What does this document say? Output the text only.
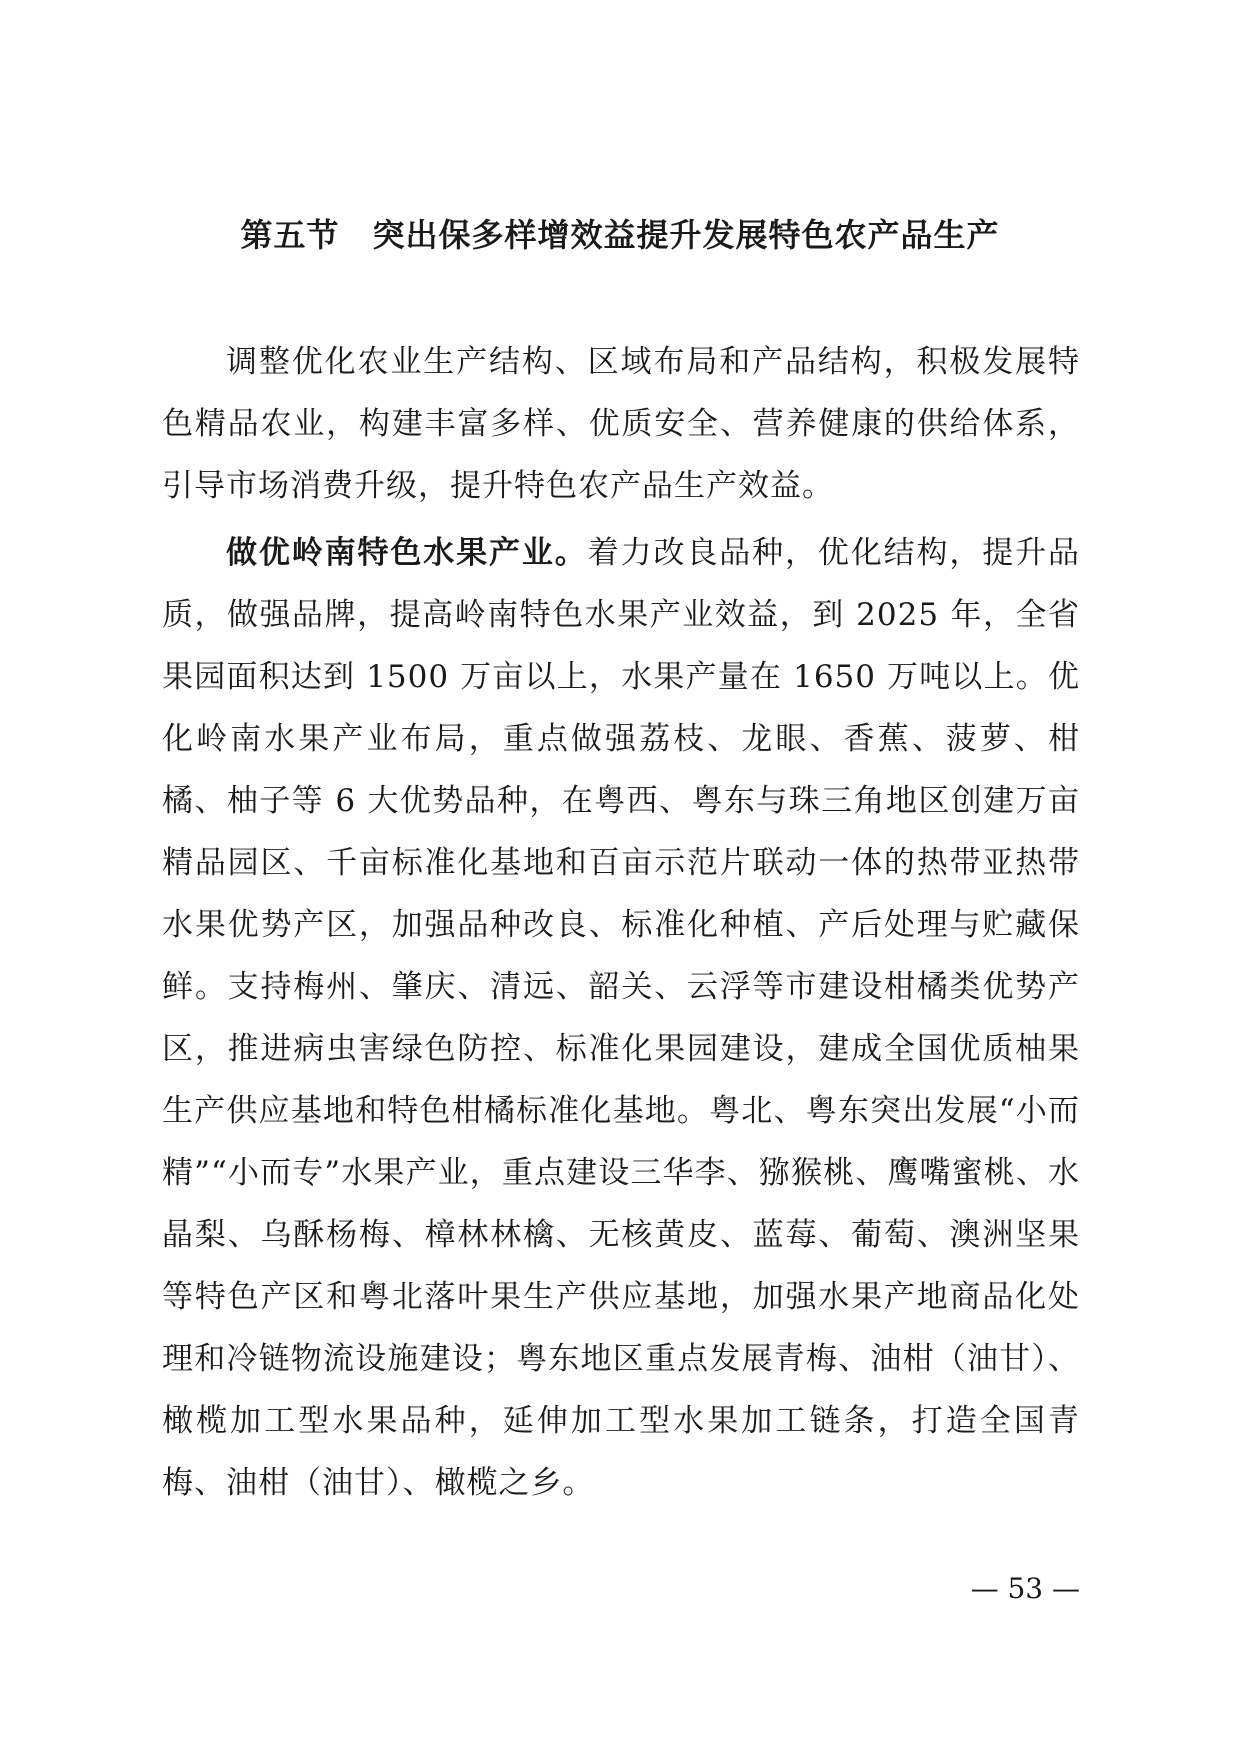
第五节　突出保多样增效益提升发展特色农产品生产

调整优化农业生产结构、区域布局和产品结构，积极发展特色精品农业，构建丰富多样、优质安全、营养健康的供给体系，引导市场消费升级，提升特色农产品生产效益。

做优岭南特色水果产业。着力改良品种，优化结构，提升品质，做强品牌，提高岭南特色水果产业效益，到 2025 年，全省果园面积达到 1500 万亩以上，水果产量在 1650 万吨以上。优化岭南水果产业布局，重点做强荔枝、龙眼、香蕉、菠萝、柑橘、柚子等 6 大优势品种，在粤西、粤东与珠三角地区创建万亩精品园区、千亩标准化基地和百亩示范片联动一体的热带亚热带水果优势产区，加强品种改良、标准化种植、产后处理与贮藏保鲜。支持梅州、肇庆、清远、韶关、云浮等市建设柑橘类优势产区，推进病虫害绿色防控、标准化果园建设，建成全国优质柚果生产供应基地和特色柑橘标准化基地。粤北、粤东突出发展“小而精”“小而专”水果产业，重点建设三华李、猕猴桃、鹰嘴蜜桃、水晶梨、乌酥杨梅、樟林林檎、无核黄皮、蓝莓、葡萄、澳洲坚果等特色产区和粤北落叶果生产供应基地，加强水果产地商品化处理和冷链物流设施建设；粤东地区重点发展青梅、油柑（油甘）、橄榄加工型水果品种，延伸加工型水果加工链条，打造全国青梅、油柑（油甘）、橄榄之乡。

— 53 —
